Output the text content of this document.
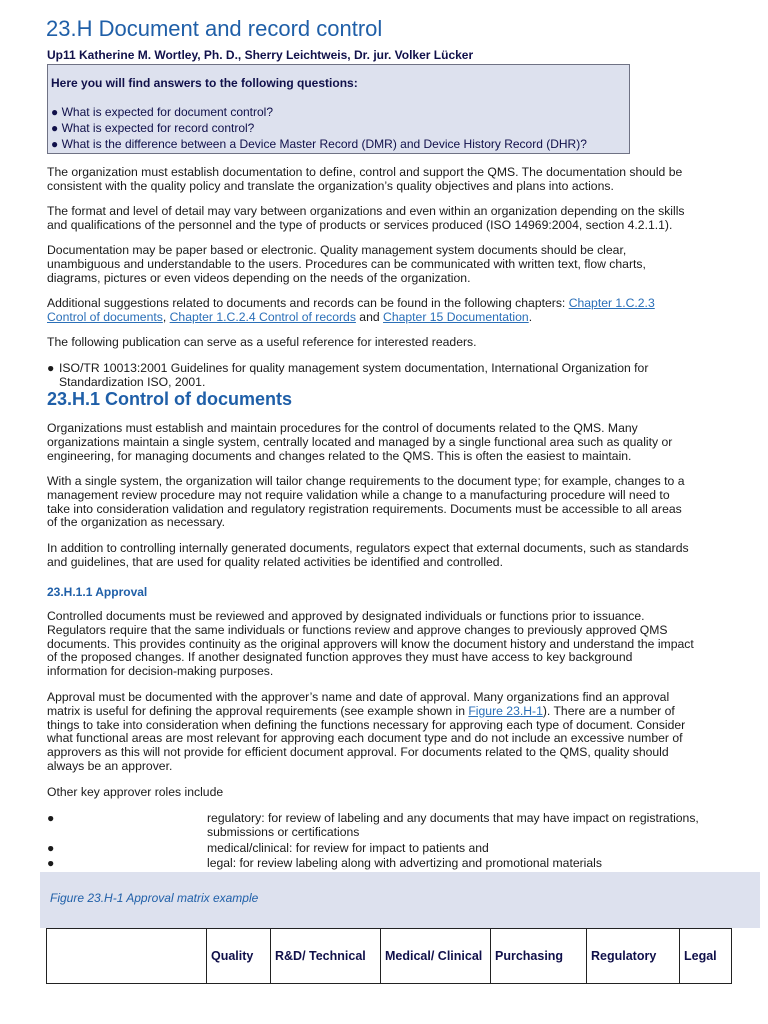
23.H Document and record control
Up11 Katherine M. Wortley, Ph. D., Sherry Leichtweis, Dr. jur. Volker Lücker
Here you will find answers to the following questions:
● What is expected for document control?
● What is expected for record control?
● What is the difference between a Device Master Record (DMR) and Device History Record (DHR)?
The organization must establish documentation to define, control and support the QMS. The documentation should be
consistent with the quality policy and translate the organization’s quality objectives and plans into actions.
The format and level of detail may vary between organizations and even within an organization depending on the skills
and qualifications of the personnel and the type of products or services produced (ISO 14969:2004, section 4.2.1.1).
Documentation may be paper based or electronic. Quality management system documents should be clear,
unambiguous and understandable to the users. Procedures can be communicated with written text, flow charts,
diagrams, pictures or even videos depending on the needs of the organization.
Additional suggestions related to documents and records can be found in the following chapters: Chapter 1.C.2.3
Control of documents, Chapter 1.C.2.4 Control of records and Chapter 15 Documentation.
The following publication can serve as a useful reference for interested readers.
● ISO/TR 10013:2001 Guidelines for quality management system documentation, International Organization for
Standardization ISO, 2001.
23.H.1 Control of documents
Organizations must establish and maintain procedures for the control of documents related to the QMS. Many
organizations maintain a single system, centrally located and managed by a single functional area such as quality or
engineering, for managing documents and changes related to the QMS. This is often the easiest to maintain.
With a single system, the organization will tailor change requirements to the document type; for example, changes to a
management review procedure may not require validation while a change to a manufacturing procedure will need to
take into consideration validation and regulatory registration requirements. Documents must be accessible to all areas
of the organization as necessary.
In addition to controlling internally generated documents, regulators expect that external documents, such as standards
and guidelines, that are used for quality related activities be identified and controlled.
23.H.1.1 Approval
Controlled documents must be reviewed and approved by designated individuals or functions prior to issuance.
Regulators require that the same individuals or functions review and approve changes to previously approved QMS
documents. This provides continuity as the original approvers will know the document history and understand the impact
of the proposed changes. If another designated function approves they must have access to key background
information for decision-making purposes.
Approval must be documented with the approver’s name and date of approval. Many organizations find an approval
matrix is useful for defining the approval requirements (see example shown in Figure 23.H-1). There are a number of
things to take into consideration when defining the functions necessary for approving each type of document. Consider
what functional areas are most relevant for approving each document type and do not include an excessive number of
approvers as this will not provide for efficient document approval. For documents related to the QMS, quality should
always be an approver.
Other key approver roles include
●	regulatory: for review of labeling and any documents that may have impact on registrations,
submissions or certifications
●	medical/clinical: for review for impact to patients and
●	legal: for review labeling along with advertizing and promotional materials
Figure 23.H-1 Approval matrix example
	Quality	R&D/ Technical	Medical/ Clinical	Purchasing	Regulatory	Legal
